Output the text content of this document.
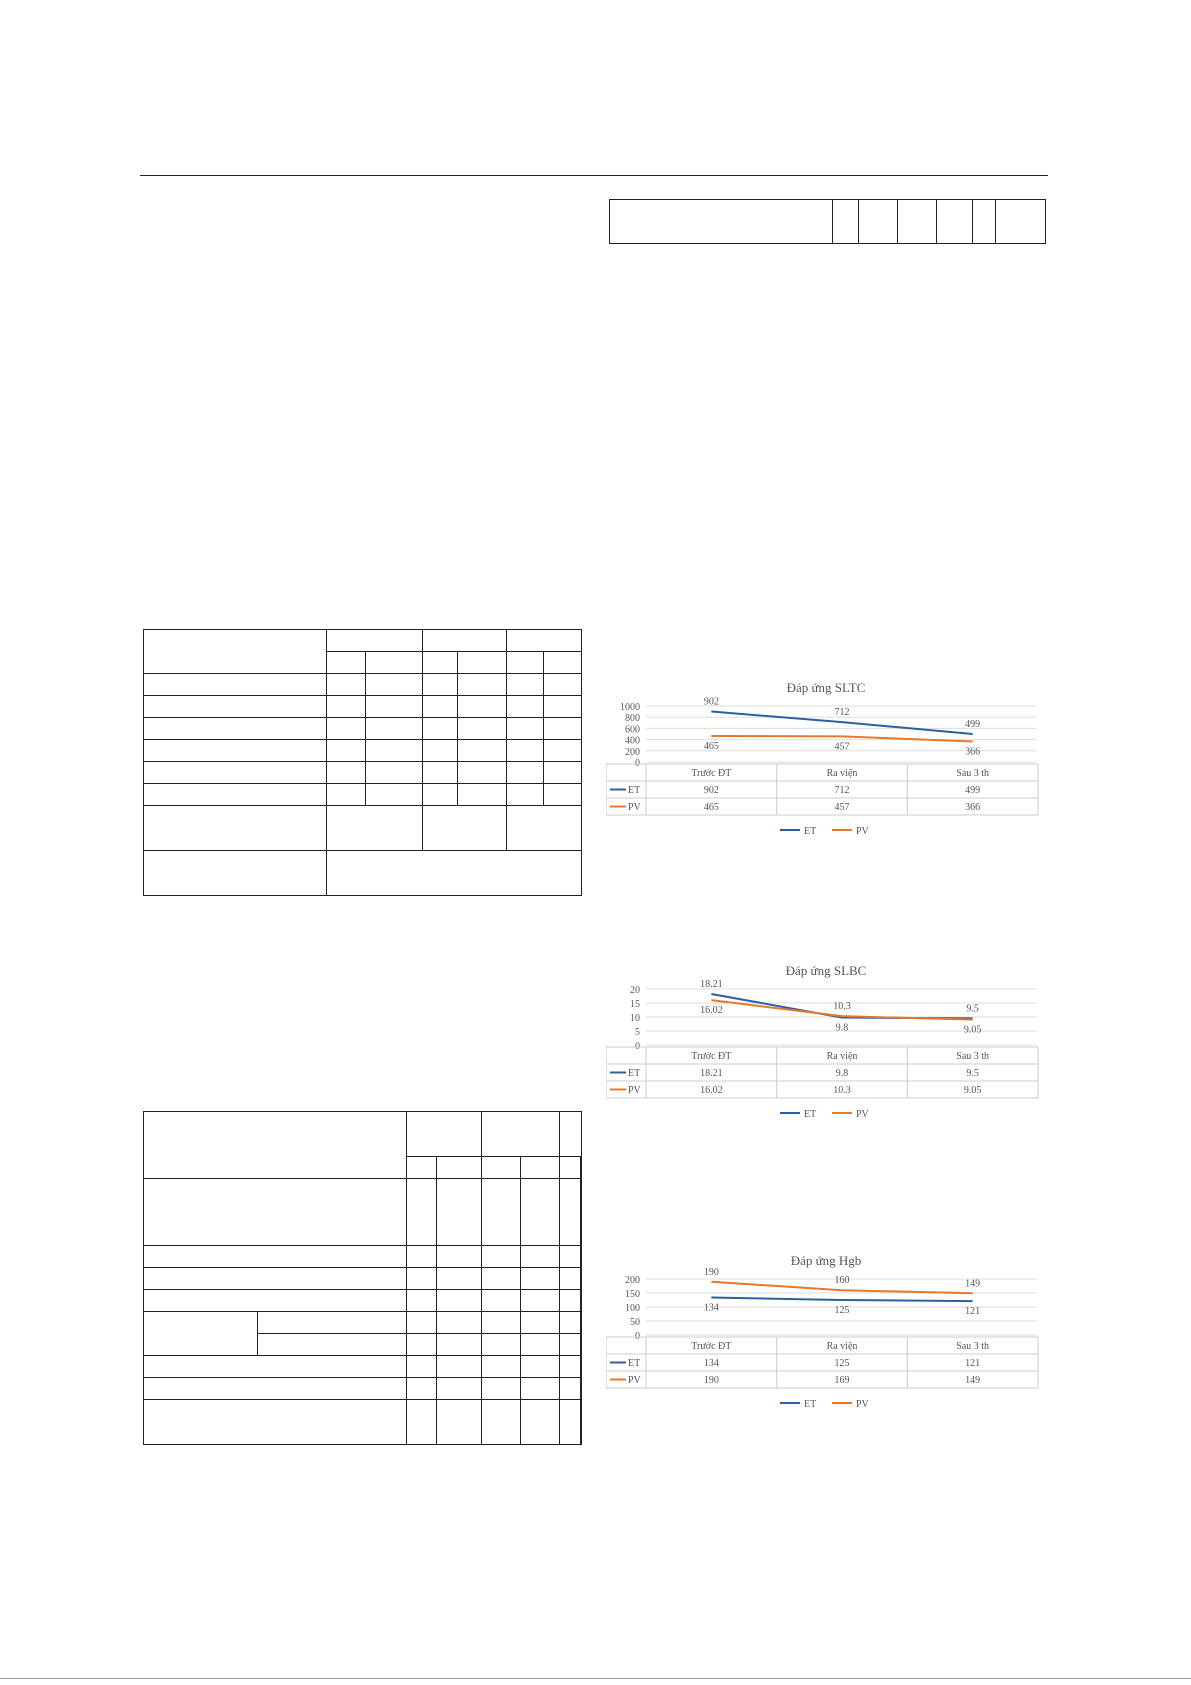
Đáp ứng SLTC
1000
800
600
400
200
0
902
712
499
465	457	366
Trước ĐT	Ra viện	Sau 3 th
ET	902	712	499
PV	465	457	366
ET	PV
Đáp ứng SLBC
20
15
10
5
0
18.21
9.8
9.5
16.02	10.3
9.05
Trước ĐT	Ra viện	Sau 3 th
ET	18.21	9.8	9.5
PV	16.02	10.3	9.05
ET	PV
Đáp ứng Hgb
200
150
100
50
0
134	125	121
190
160	149
Trước ĐT	Ra viện	Sau 3 th
ET	134	125	121
PV	190	169	149
ET	PV
